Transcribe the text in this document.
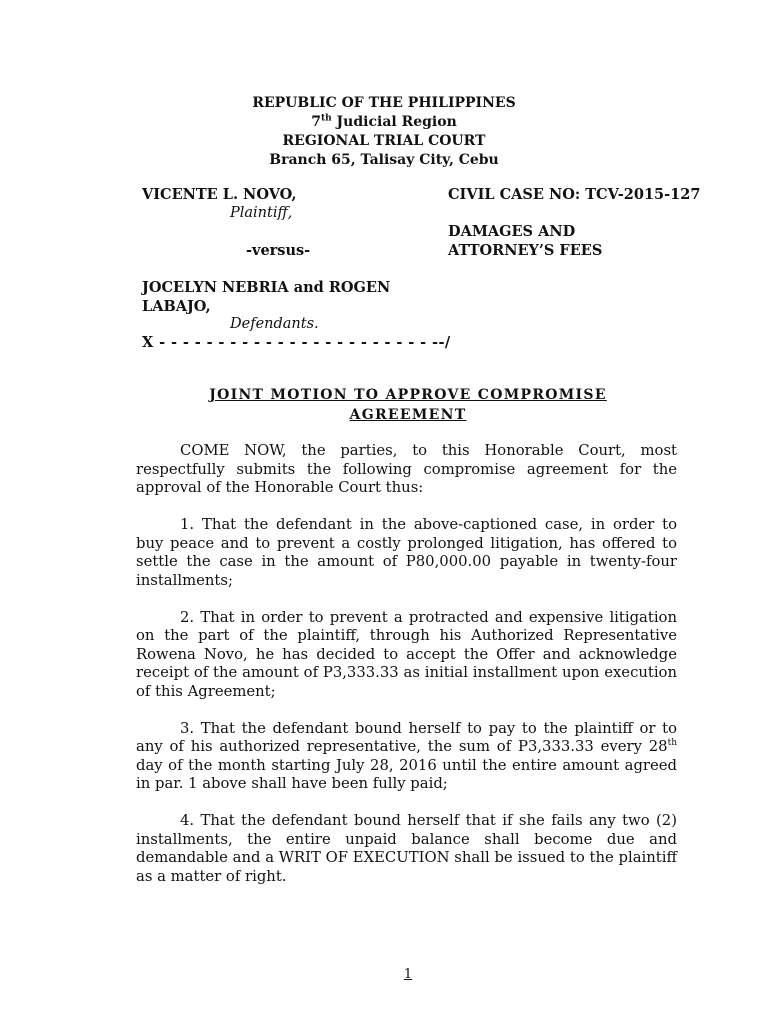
REPUBLIC OF THE PHILIPPINES
7th Judicial Region
REGIONAL TRIAL COURT
Branch 65, Talisay City, Cebu
VICENTE L. NOVO,
Plaintiff,
-versus-
JOCELYN NEBRIA and ROGEN
LABAJO,
Defendants.
X - - - - - - - - - - - - - - - - - - - - - - - --/
CIVIL CASE NO: TCV-2015-127
DAMAGES AND
ATTORNEY’S FEES
JOINT MOTION TO APPROVE COMPROMISE
AGREEMENT

COME NOW, the parties, to this Honorable Court, most respectfully submits the following compromise agreement for the approval of the Honorable Court thus:

1. That the defendant in the above-captioned case, in order to buy peace and to prevent a costly prolonged litigation, has offered to settle the case in the amount of P80,000.00 payable in twenty-four installments;

2. That in order to prevent a protracted and expensive litigation on the part of the plaintiff, through his Authorized Representative Rowena Novo, he has decided to accept the Offer and acknowledge receipt of the amount of P3,333.33 as initial installment upon execution of this Agreement;

3. That the defendant bound herself to pay to the plaintiff or to any of his authorized representative, the sum of P3,333.33 every 28th day of the month starting July 28, 2016 until the entire amount agreed in par. 1 above shall have been fully paid;

4. That the defendant bound herself that if she fails any two (2) installments, the entire unpaid balance shall become due and demandable and a WRIT OF EXECUTION shall be issued to the plaintiff as a matter of right.

1
